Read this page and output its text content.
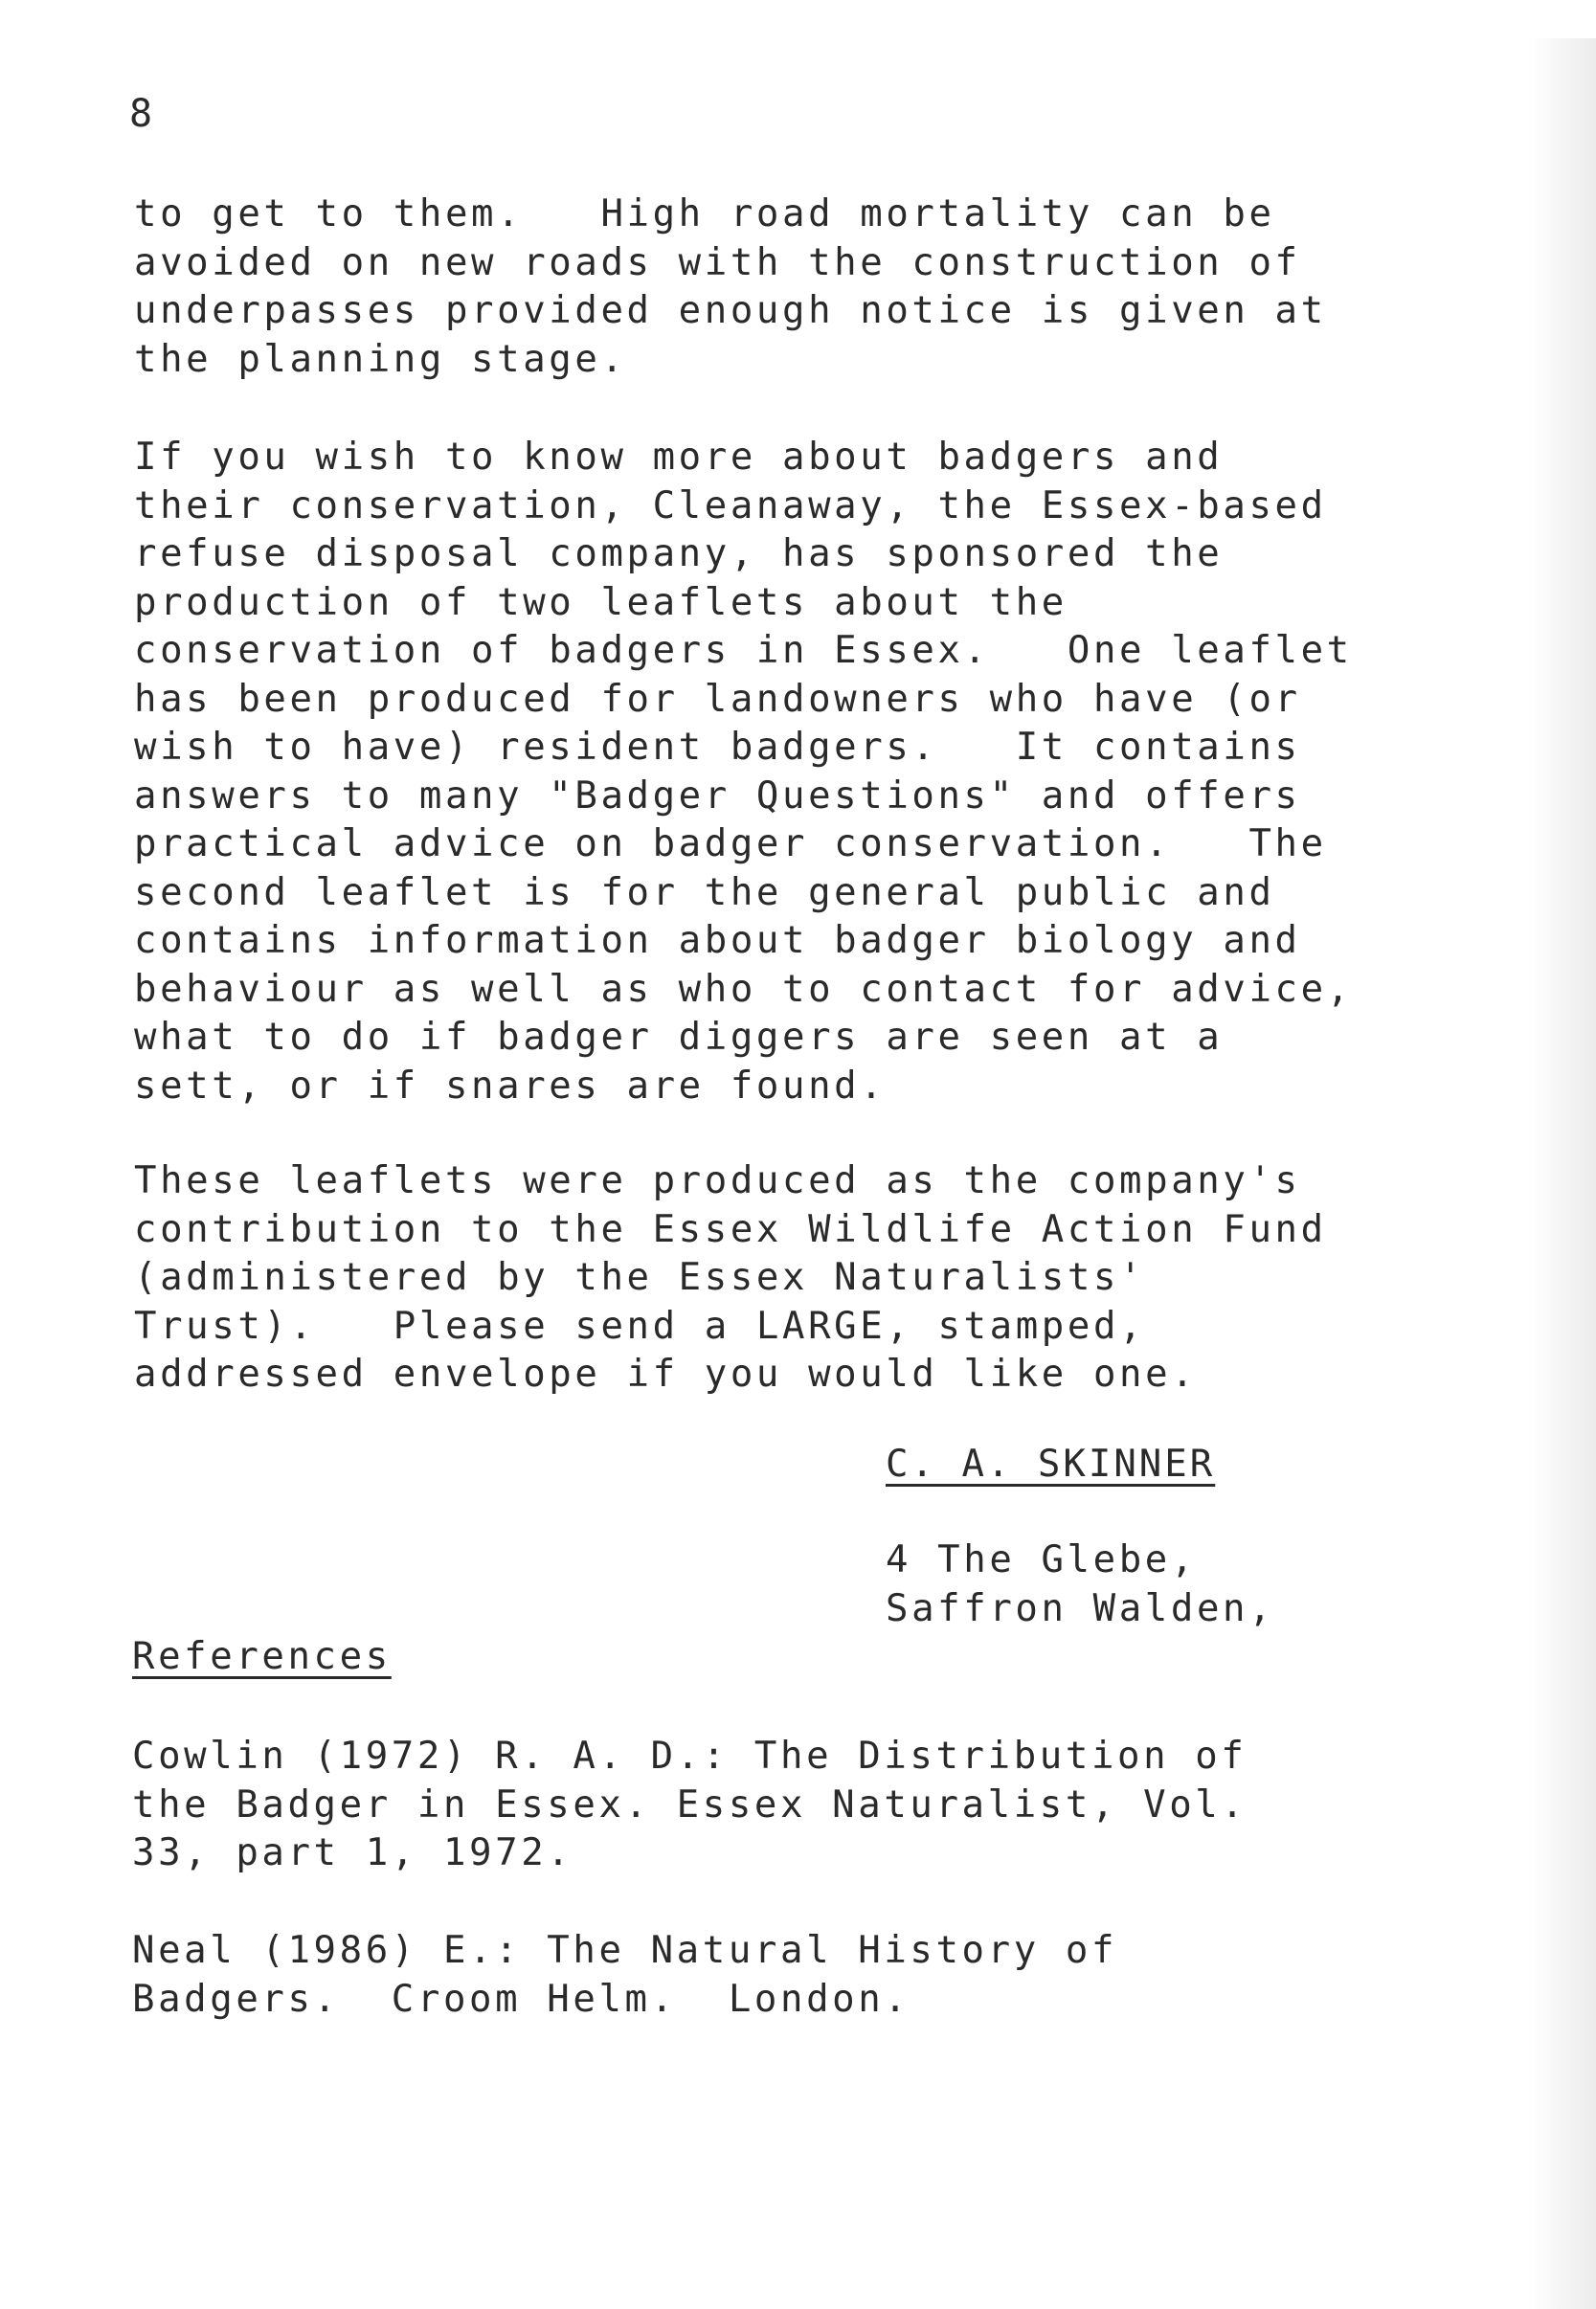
8

to get to them.   High road mortality can be
avoided on new roads with the construction of
underpasses provided enough notice is given at
the planning stage.

If you wish to know more about badgers and
their conservation, Cleanaway, the Essex-based
refuse disposal company, has sponsored the
production of two leaflets about the
conservation of badgers in Essex.   One leaflet
has been produced for landowners who have (or
wish to have) resident badgers.   It contains
answers to many "Badger Questions" and offers
practical advice on badger conservation.   The
second leaflet is for the general public and
contains information about badger biology and
behaviour as well as who to contact for advice,
what to do if badger diggers are seen at a
sett, or if snares are found.

These leaflets were produced as the company's
contribution to the Essex Wildlife Action Fund
(administered by the Essex Naturalists'
Trust).   Please send a LARGE, stamped,
addressed envelope if you would like one.

C. A. SKINNER
4 The Glebe,
Saffron Walden,
References

Cowlin (1972) R. A. D.: The Distribution of
the Badger in Essex. Essex Naturalist, Vol.
33, part 1, 1972.

Neal (1986) E.: The Natural History of
Badgers.  Croom Helm.  London.
